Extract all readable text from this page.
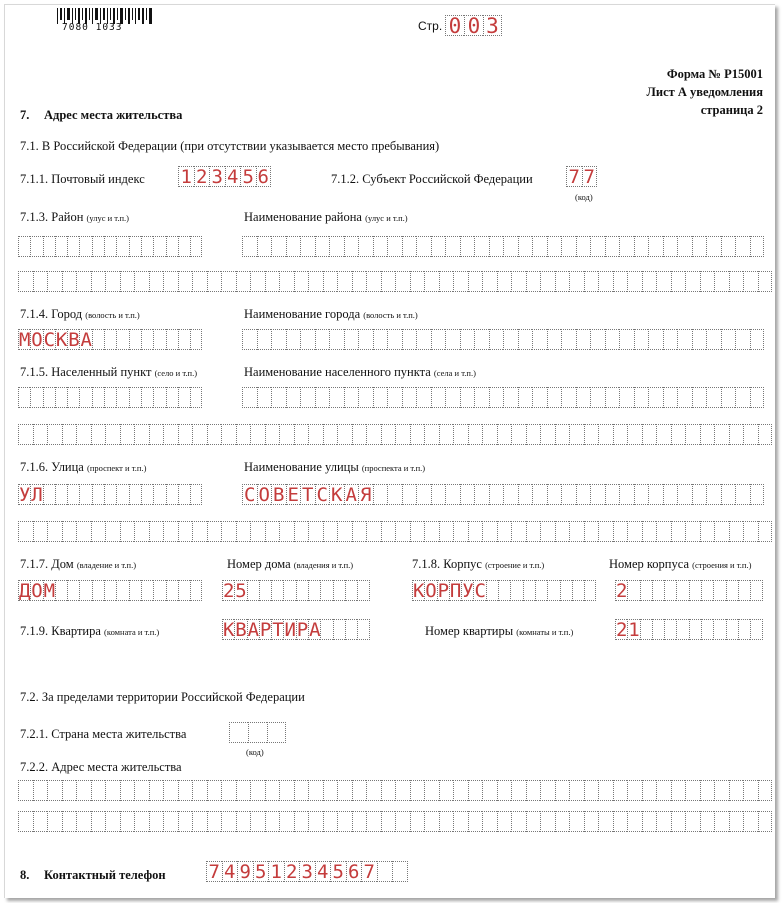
7080 1033	Стр. 0 0 3
Форма № Р15001
Лист А уведомления
страница 2
7. Адрес места жительства
7.1. В Российской Федерации (при отсутствии указывается место пребывания)
7.1.1. Почтовый индекс 1 2 3 4 5 6	7.1.2. Субъект Российской Федерации 7 7
(код)
7.1.3. Район (улус и т.п.)	Наименование района (улус и т.п.)
7.1.4. Город (волость и т.п.)	Наименование города (волость и т.п.)
М О С К В А
7.1.5. Населенный пункт (село и т.п.)	Наименование населенного пункта (села и т.п.)
7.1.6. Улица (проспект и т.п.)	Наименование улицы (проспекта и т.п.)
У Л	С О В Е Т С К А Я
7.1.7. Дом (владение и т.п.)	Номер дома (владения и т.п.)	7.1.8. Корпус (строение и т.п.)	Номер корпуса (строения и т.п.)
Д О М	2 5	К О Р П У С	2
7.1.9. Квартира (комната и т.п.)	К В А Р Т И Р А	Номер квартиры (комнаты и т.п.) 2 1
7.2. За пределами территории Российской Федерации
7.2.1. Страна места жительства
(код)
7.2.2. Адрес места жительства
8. Контактный телефон 7 4 9 5 1 2 3 4 5 6 7
